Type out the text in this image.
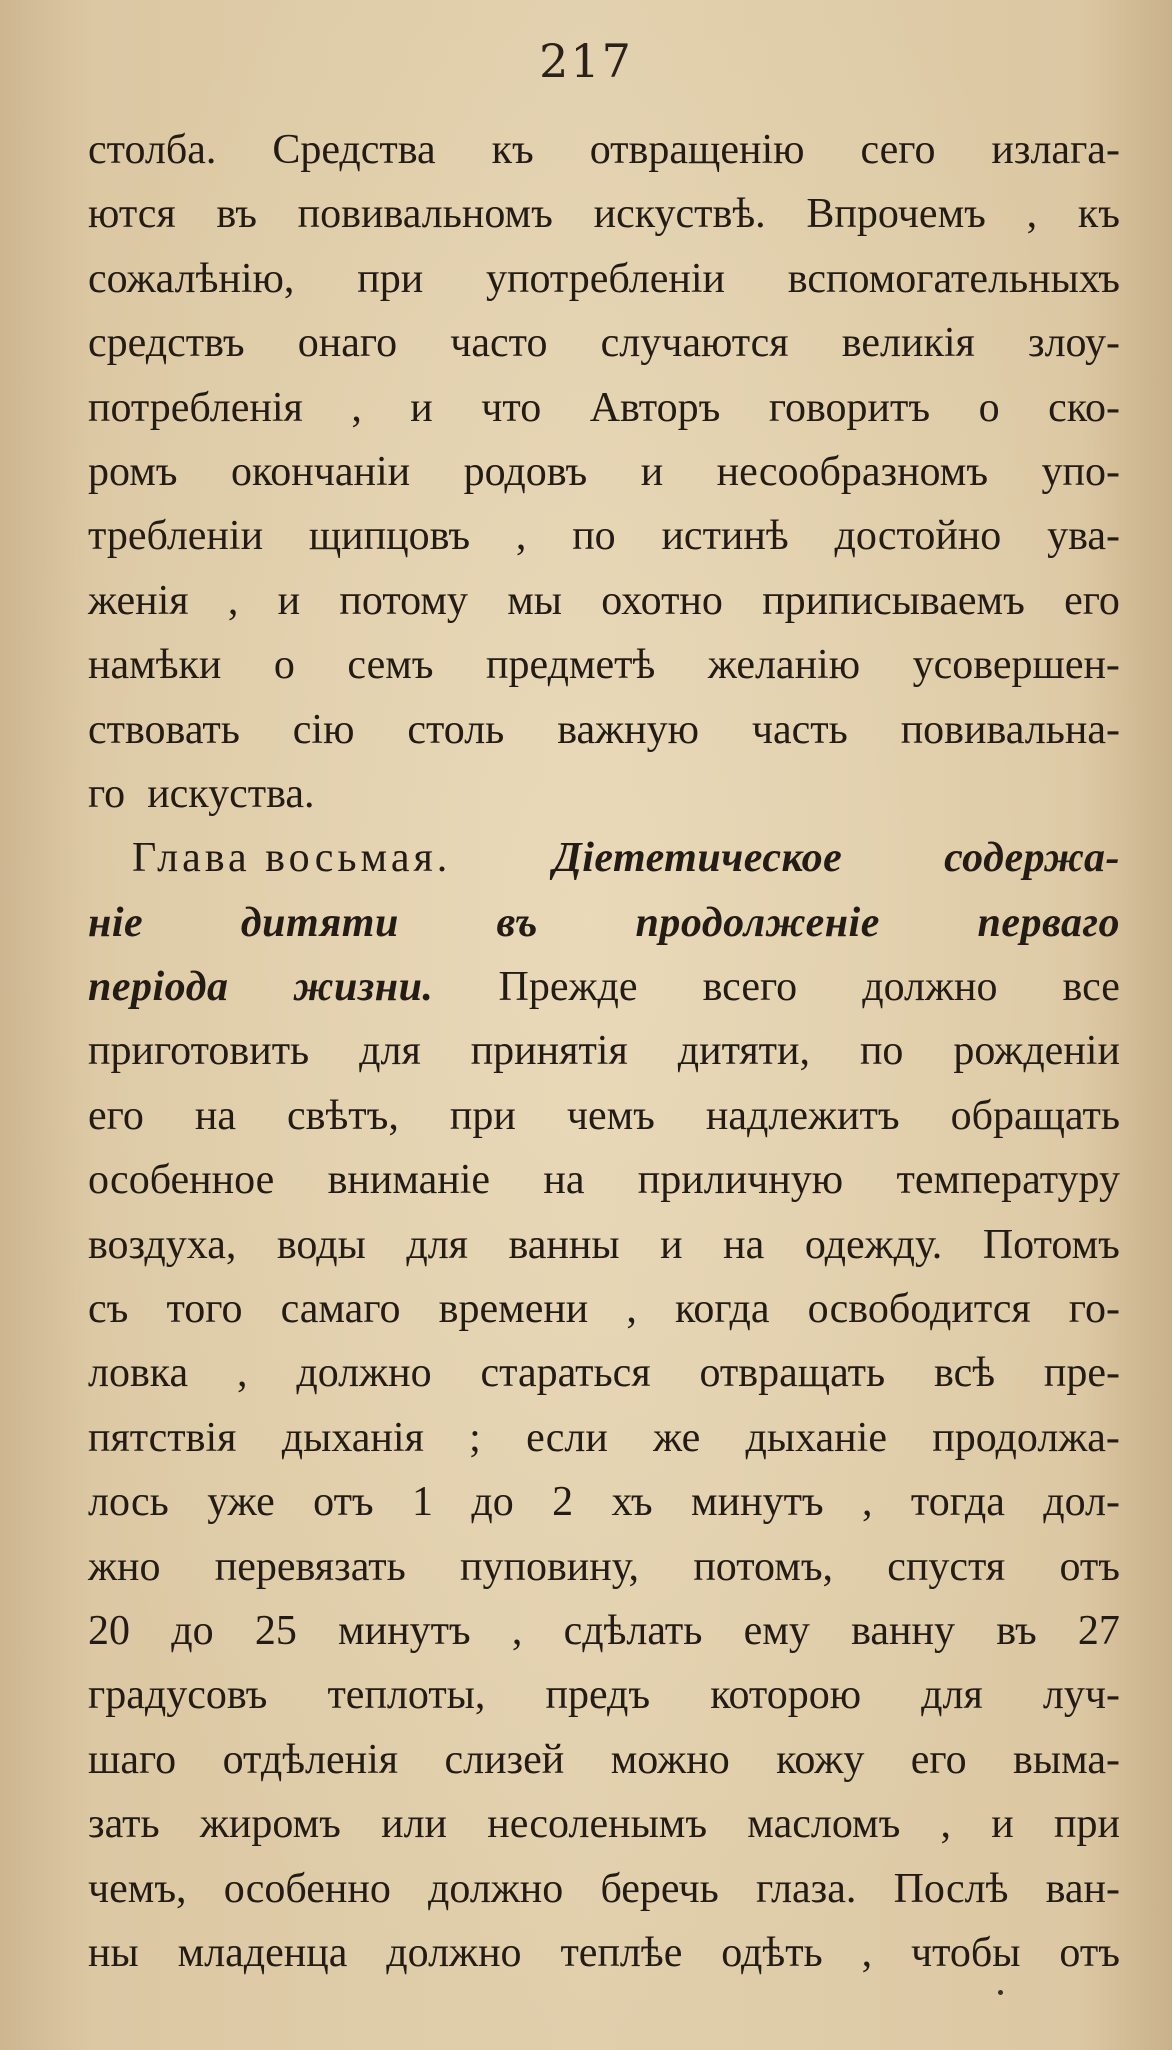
217
столба. Средства къ отвращенію сего излага-
ются въ повивальномъ искуствѣ. Впрочемъ , къ
сожалѣнію, при употребленіи вспомогательныхъ
средствъ онаго часто случаются великія злоу-
потребленія , и что Авторъ говоритъ о ско-
ромъ окончаніи родовъ и несообразномъ упо-
требленіи щипцовъ , по истинѣ достойно ува-
женія , и потому мы охотно приписываемъ его
намѣки о семъ предметѣ желанію усовершен-
ствовать сію столь важную часть повивальна-
го искуства.
Глава восьмая. Діететическое содержа-
ніе дитяти въ продолженіе перваго
періода жизни. Прежде всего должно все
приготовить для принятія дитяти, по рожденіи
его на свѣтъ, при чемъ надлежитъ обращать
особенное вниманіе на приличную температуру
воздуха, воды для ванны и на одежду. Потомъ
съ того самаго времени , когда освободится го-
ловка , должно стараться отвращать всѣ пре-
пятствія дыханія ; если же дыханіе продолжа-
лось уже отъ 1 до 2 хъ минутъ , тогда дол-
жно перевязать пуповину, потомъ, спустя отъ
20 до 25 минутъ , сдѣлать ему ванну въ 27
градусовъ теплоты, предъ которою для луч-
шаго отдѣленія слизей можно кожу его выма-
зать жиромъ или несоленымъ масломъ , и при
чемъ, особенно должно беречь глаза. Послѣ ван-
ны младенца должно теплѣе одѣть , чтобы отъ
